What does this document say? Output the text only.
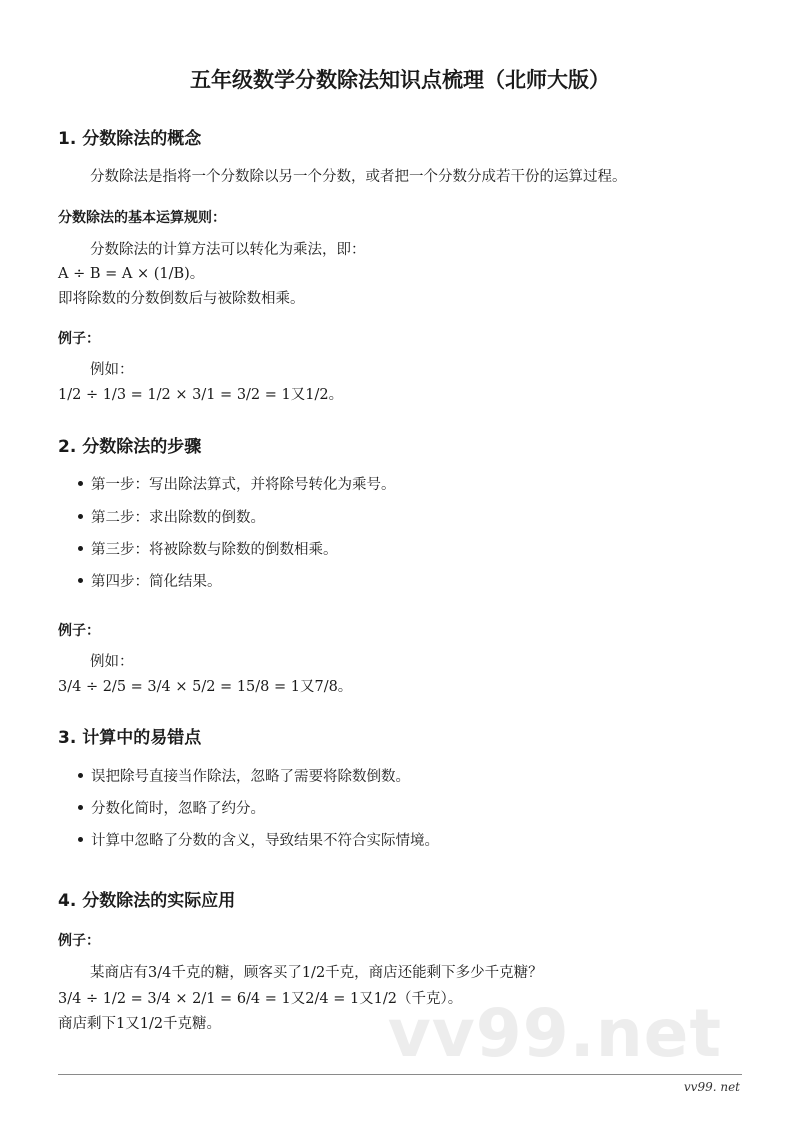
五年级数学分数除法知识点梳理（北师大版）
1. 分数除法的概念
分数除法是指将一个分数除以另一个分数，或者把一个分数分成若干份的运算过程。
分数除法的基本运算规则：
分数除法的计算方法可以转化为乘法，即：
A ÷ B = A × (1/B)。
即将除数的分数倒数后与被除数相乘。
例子：
例如：
1/2 ÷ 1/3 = 1/2 × 3/1 = 3/2 = 1又1/2。
2. 分数除法的步骤
第一步：写出除法算式，并将除号转化为乘号。
第二步：求出除数的倒数。
第三步：将被除数与除数的倒数相乘。
第四步：简化结果。
例子：
例如：
3/4 ÷ 2/5 = 3/4 × 5/2 = 15/8 = 1又7/8。
3. 计算中的易错点
误把除号直接当作除法，忽略了需要将除数倒数。
分数化简时，忽略了约分。
计算中忽略了分数的含义，导致结果不符合实际情境。
4. 分数除法的实际应用
例子：
某商店有3/4千克的糖，顾客买了1/2千克，商店还能剩下多少千克糖？
3/4 ÷ 1/2 = 3/4 × 2/1 = 6/4 = 1又2/4 = 1又1/2（千克）。
商店剩下1又1/2千克糖。	vv99.net
vv99. net
